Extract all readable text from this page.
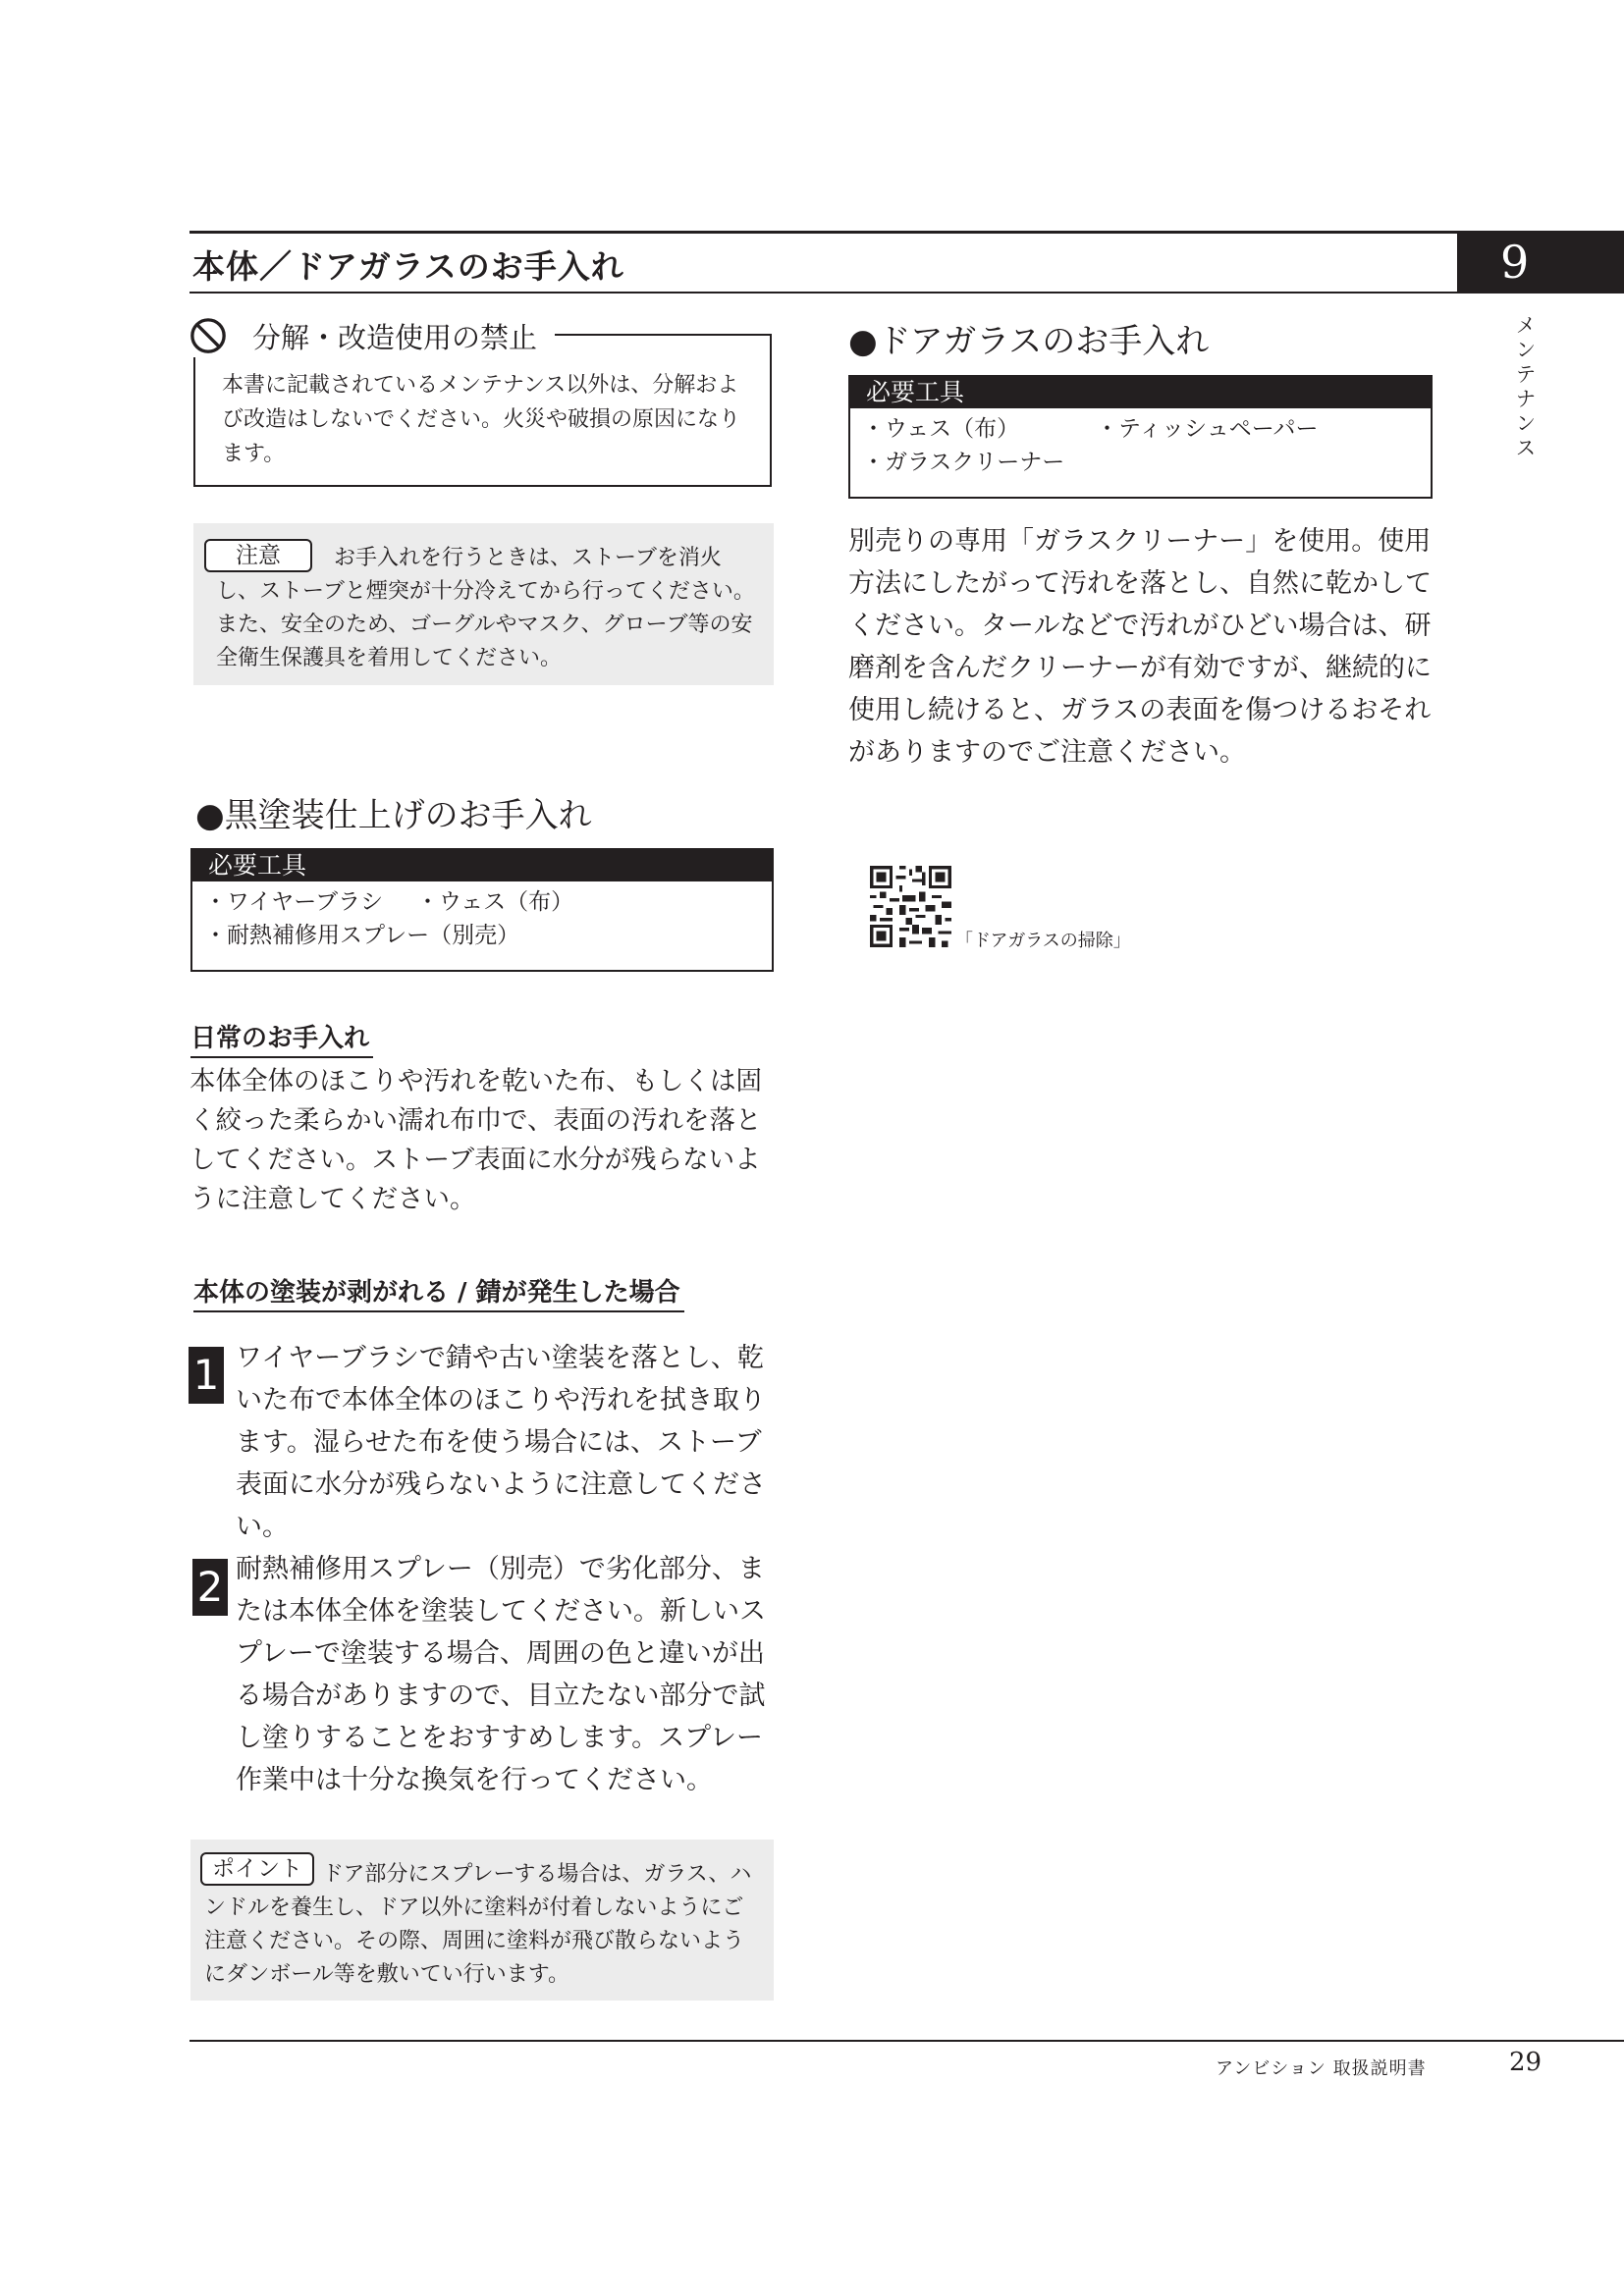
本体／ドアガラスのお手入れ	9
メンテナンス
分解・改造使用の禁止
本書に記載されているメンテナンス以外は、分解および改造はしないでください。火災や破損の原因になります。
お手入れを行うときは、ストーブを消火し、ストーブと煙突が十分冷えてから行ってください。また、安全のため、ゴーグルやマスク、グローブ等の安全衛生保護具を着用してください。
注意
●黒塗装仕上げのお手入れ
必要工具
・ワイヤーブラシ ・ウェス（布）

・耐熱補修用スプレー（別売）
日常のお手入れ
本体全体のほこりや汚れを乾いた布、もしくは固く絞った柔らかい濡れ布巾で、表面の汚れを落としてください。ストーブ表面に水分が残らないように注意してください。
本体の塗装が剥がれる / 錆が発生した場合
1 ワイヤーブラシで錆や古い塗装を落とし、乾いた布で本体全体のほこりや汚れを拭き取ります。湿らせた布を使う場合には、ストーブ表面に水分が残らないように注意してください。
2 耐熱補修用スプレー（別売）で劣化部分、または本体全体を塗装してください。新しいスプレーで塗装する場合、周囲の色と違いが出る場合がありますので、目立たない部分で試し塗りすることをおすすめします。スプレー作業中は十分な換気を行ってください。
ドア部分にスプレーする場合は、ガラス、ハンドルを養生し、ドア以外に塗料が付着しないようにご注意ください。その際、周囲に塗料が飛び散らないようにダンボール等を敷いてい行います。
ポイント
●ドアガラスのお手入れ
必要工具
・ウェス（布）	・ティッシュペーパー

・ガラスクリーナー
別売りの専用「ガラスクリーナー」を使用。使用方法にしたがって汚れを落とし、自然に乾かしてください。タールなどで汚れがひどい場合は、研磨剤を含んだクリーナーが有効ですが、継続的に使用し続けると、ガラスの表面を傷つけるおそれがありますのでご注意ください。
「ドアガラスの掃除」
アンビション 取扱説明書	29
